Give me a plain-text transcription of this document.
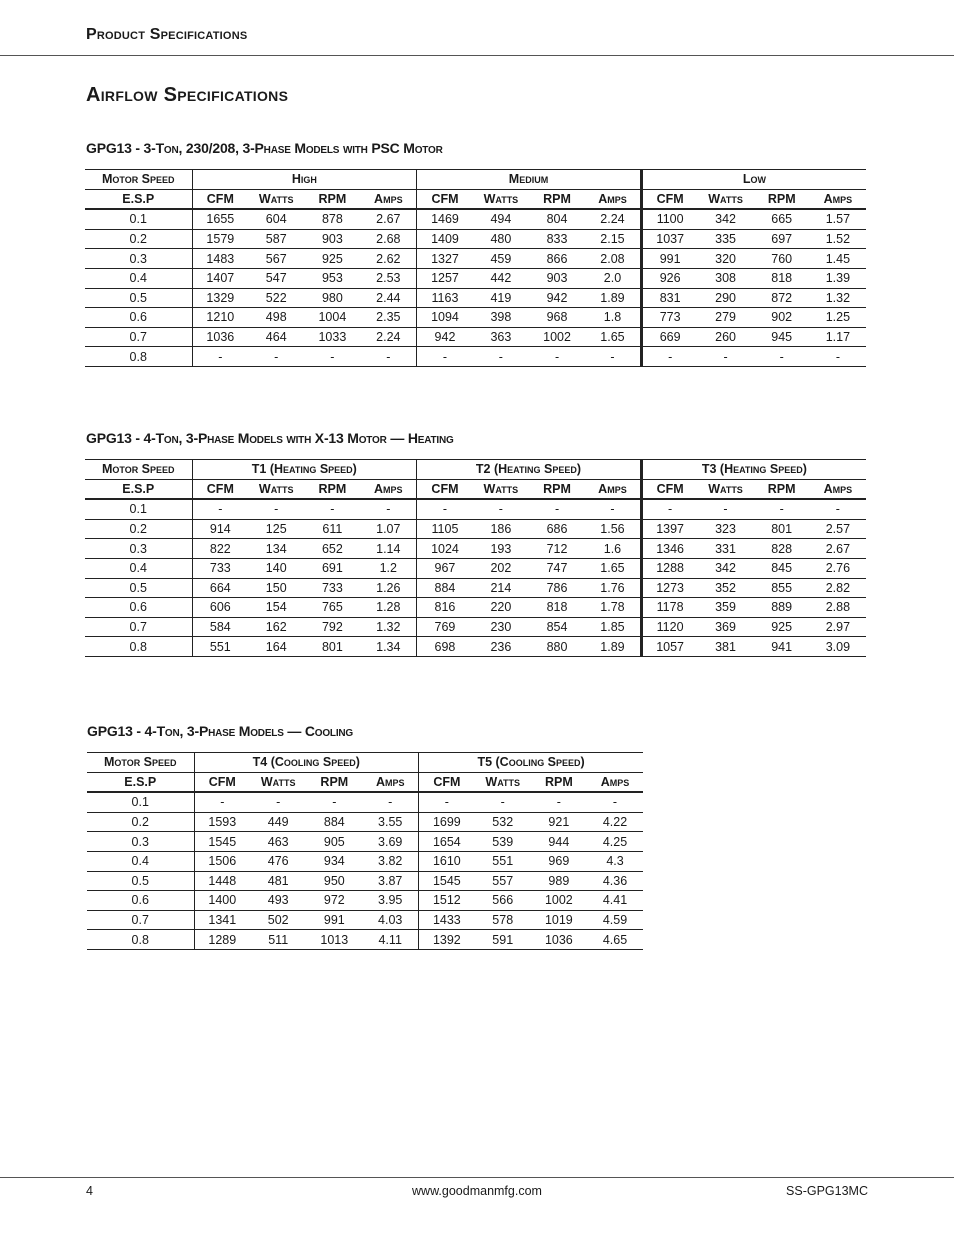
Product Specifications
Airflow Specifications
GPG13 - 3-Ton, 230/208, 3-Phase Models with PSC Motor
Motor Speed	High				Medium				Low			
E.S.P	CFM	Watts	RPM	Amps	CFM	Watts	RPM	Amps	CFM	Watts	RPM	Amps
0.1	1655	604	878	2.67	1469	494	804	2.24	1100	342	665	1.57
0.2	1579	587	903	2.68	1409	480	833	2.15	1037	335	697	1.52
0.3	1483	567	925	2.62	1327	459	866	2.08	991	320	760	1.45
0.4	1407	547	953	2.53	1257	442	903	2.0	926	308	818	1.39
0.5	1329	522	980	2.44	1163	419	942	1.89	831	290	872	1.32
0.6	1210	498	1004	2.35	1094	398	968	1.8	773	279	902	1.25
0.7	1036	464	1033	2.24	942	363	1002	1.65	669	260	945	1.17
0.8	-	-	-	-	-	-	-	-	-	-	-	-
GPG13 - 4-Ton, 3-Phase Models with X-13 Motor — Heating
Motor Speed	T1 (Heating Speed)				T2 (Heating Speed)				T3 (Heating Speed)			
E.S.P	CFM	Watts	RPM	Amps	CFM	Watts	RPM	Amps	CFM	Watts	RPM	Amps
0.1	-	-	-	-	-	-	-	-	-	-	-	-
0.2	914	125	611	1.07	1105	186	686	1.56	1397	323	801	2.57
0.3	822	134	652	1.14	1024	193	712	1.6	1346	331	828	2.67
0.4	733	140	691	1.2	967	202	747	1.65	1288	342	845	2.76
0.5	664	150	733	1.26	884	214	786	1.76	1273	352	855	2.82
0.6	606	154	765	1.28	816	220	818	1.78	1178	359	889	2.88
0.7	584	162	792	1.32	769	230	854	1.85	1120	369	925	2.97
0.8	551	164	801	1.34	698	236	880	1.89	1057	381	941	3.09
GPG13 - 4-Ton, 3-Phase Models — Cooling
Motor Speed	T4 (Cooling Speed)				T5 (Cooling Speed)			
E.S.P	CFM	Watts	RPM	Amps	CFM	Watts	RPM	Amps
0.1	-	-	-	-	-	-	-	-
0.2	1593	449	884	3.55	1699	532	921	4.22
0.3	1545	463	905	3.69	1654	539	944	4.25
0.4	1506	476	934	3.82	1610	551	969	4.3
0.5	1448	481	950	3.87	1545	557	989	4.36
0.6	1400	493	972	3.95	1512	566	1002	4.41
0.7	1341	502	991	4.03	1433	578	1019	4.59
0.8	1289	511	1013	4.11	1392	591	1036	4.65
4	www.goodmanmfg.com	SS-GPG13MC
